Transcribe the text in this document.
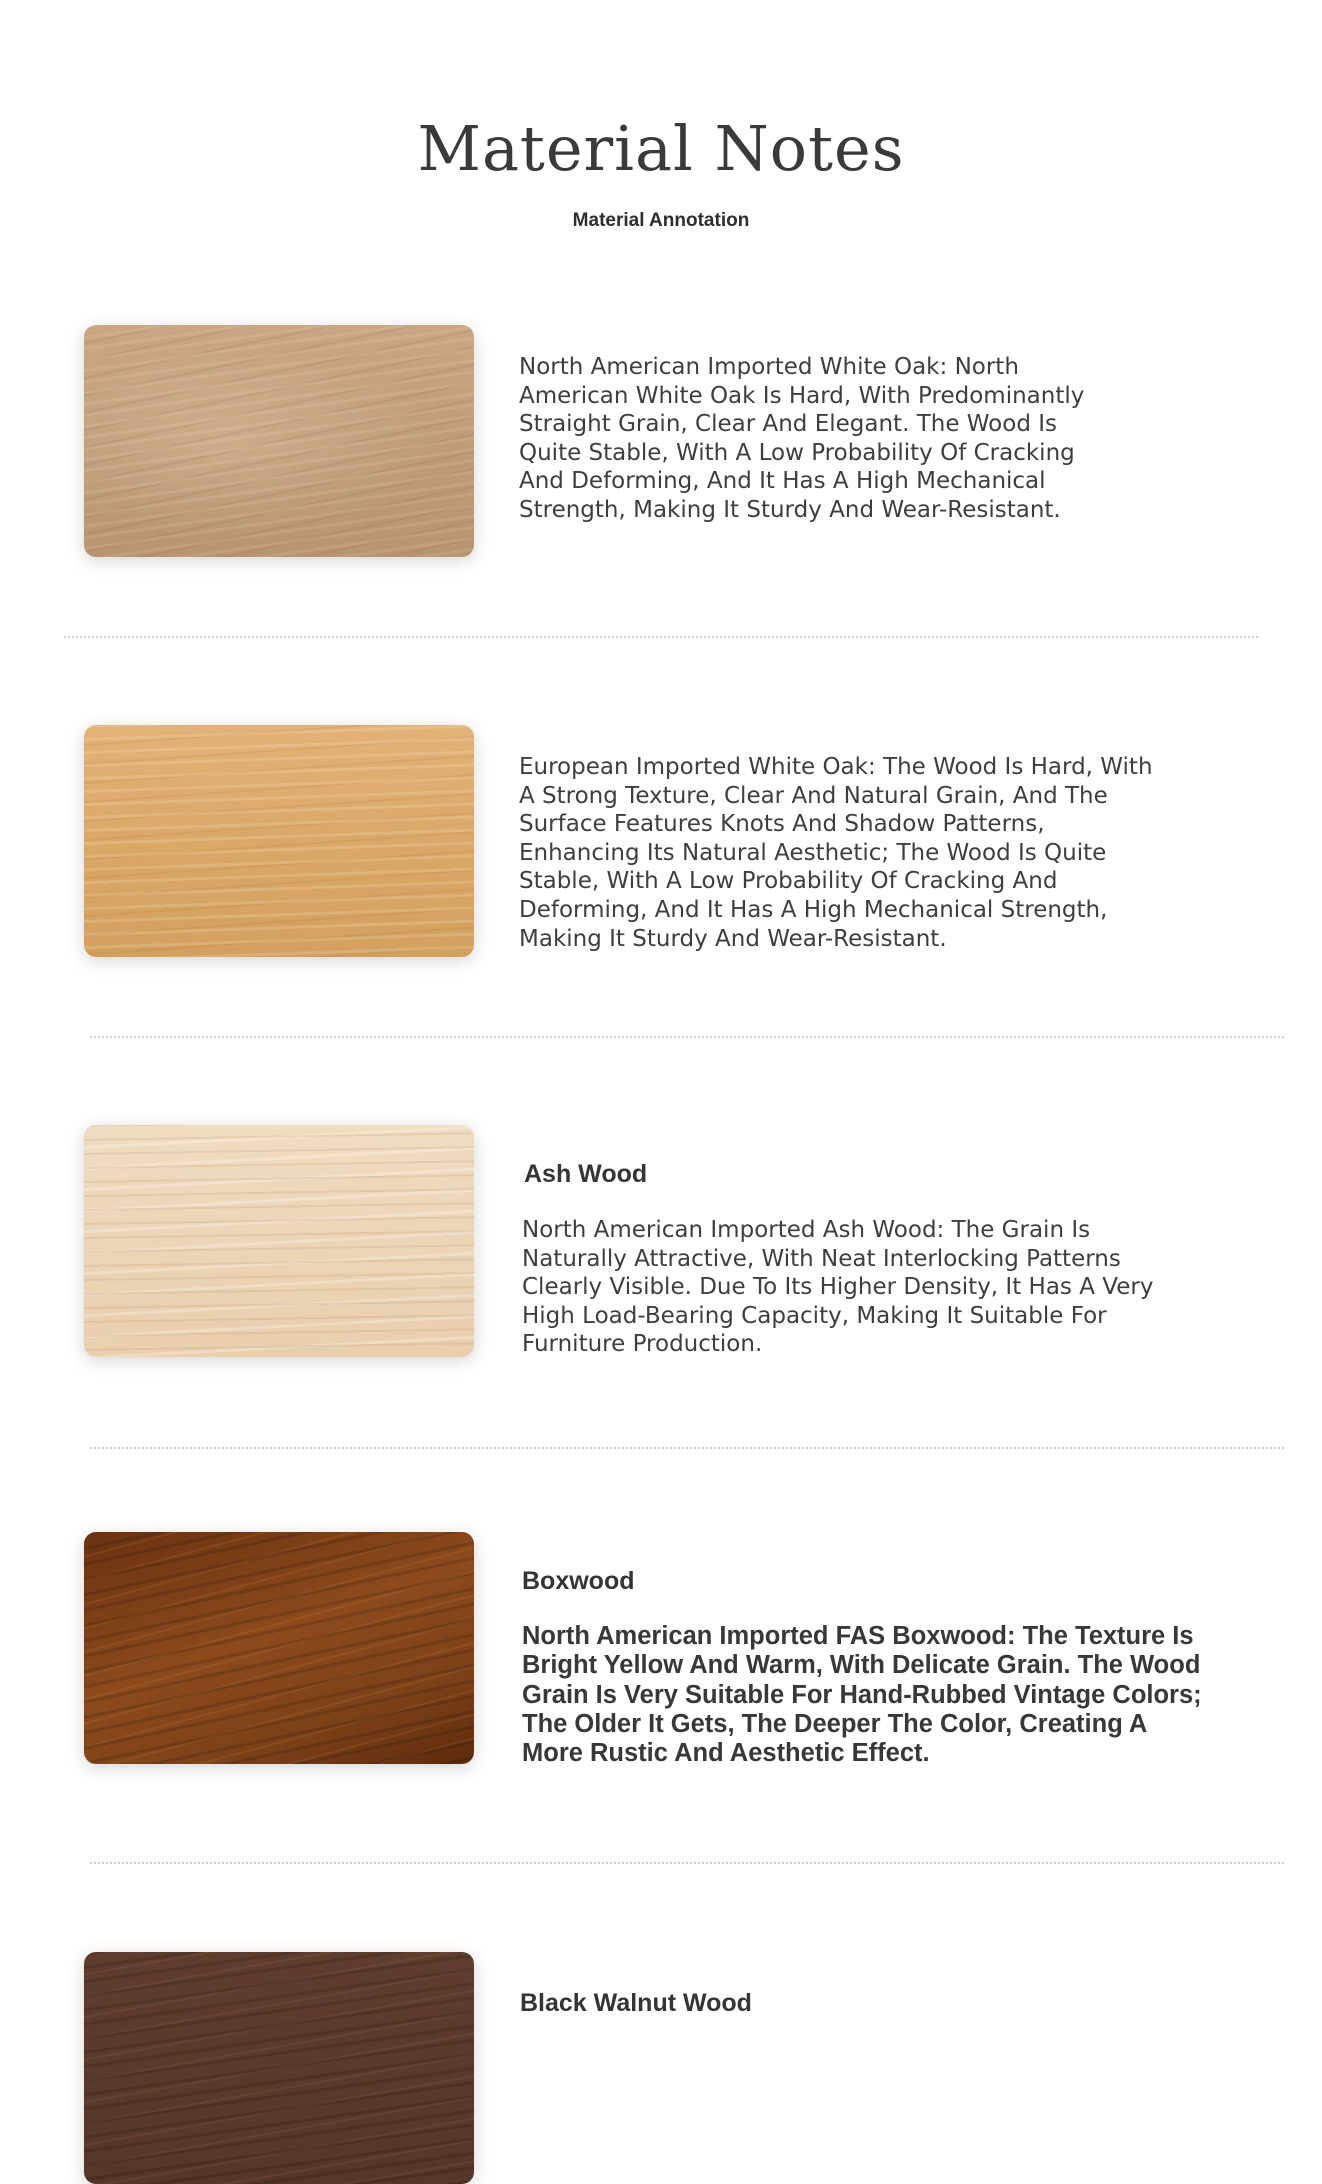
Material Notes
Material Annotation

North American Imported White Oak: North American White Oak Is Hard, With Predominantly Straight Grain, Clear And Elegant. The Wood Is Quite Stable, With A Low Probability Of Cracking And Deforming, And It Has A High Mechanical Strength, Making It Sturdy And Wear-Resistant.

European Imported White Oak: The Wood Is Hard, With A Strong Texture, Clear And Natural Grain, And The Surface Features Knots And Shadow Patterns, Enhancing Its Natural Aesthetic; The Wood Is Quite Stable, With A Low Probability Of Cracking And Deforming, And It Has A High Mechanical Strength, Making It Sturdy And Wear-Resistant.

Ash Wood

North American Imported Ash Wood: The Grain Is Naturally Attractive, With Neat Interlocking Patterns Clearly Visible. Due To Its Higher Density, It Has A Very High Load-Bearing Capacity, Making It Suitable For Furniture Production.

Boxwood

North American Imported FAS Boxwood: The Texture Is Bright Yellow And Warm, With Delicate Grain. The Wood Grain Is Very Suitable For Hand-Rubbed Vintage Colors; The Older It Gets, The Deeper The Color, Creating A More Rustic And Aesthetic Effect.

Black Walnut Wood
